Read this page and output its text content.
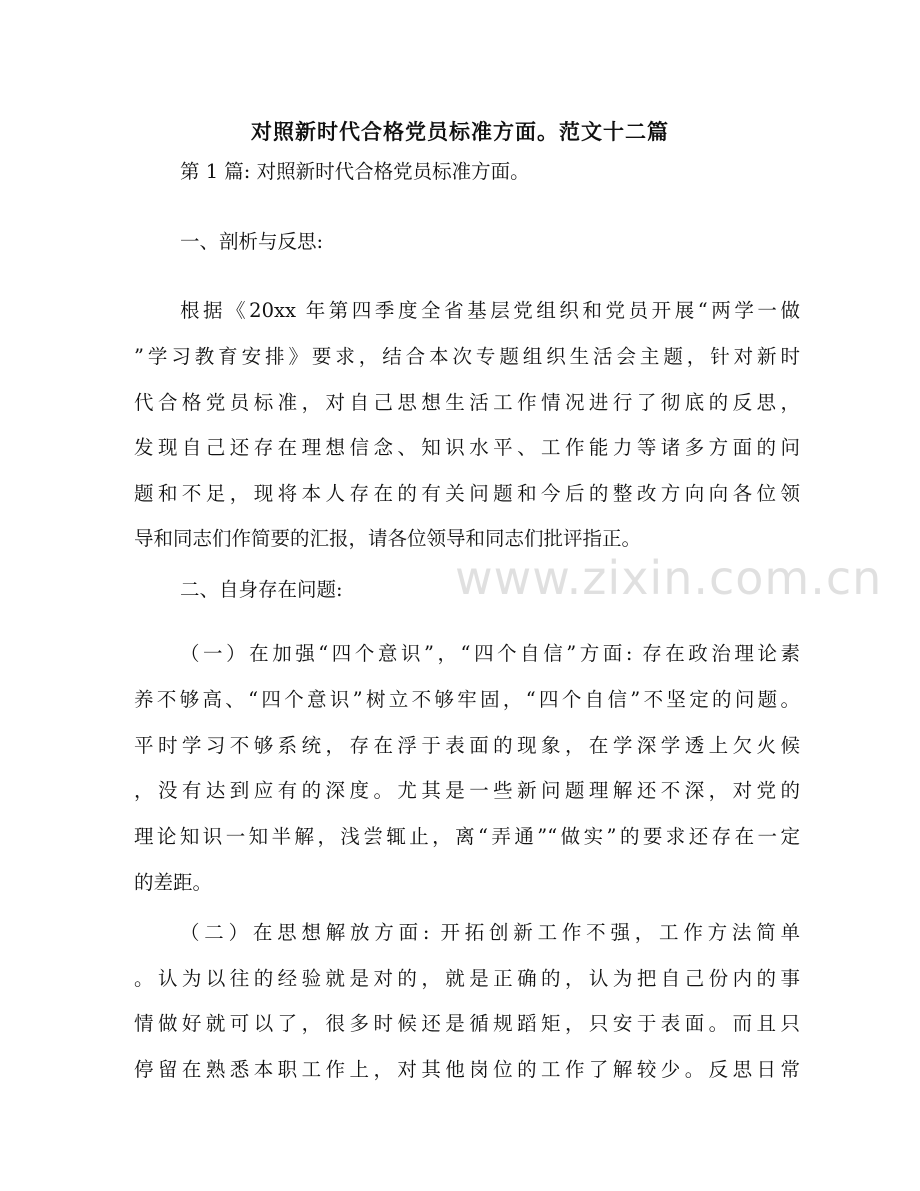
对照新时代合格党员标准方面。范文十二篇
第 1 篇: 对照新时代合格党员标准方面。
一、剖析与反思:
根据《20xx 年第四季度全省基层党组织和党员开展“两学一做
”学习教育安排》要求，结合本次专题组织生活会主题，针对新时
代合格党员标准，对自己思想生活工作情况进行了彻底的反思，
发现自己还存在理想信念、知识水平、工作能力等诸多方面的问
题和不足，现将本人存在的有关问题和今后的整改方向向各位领
导和同志们作简要的汇报，请各位领导和同志们批评指正。
二、自身存在问题:
（一）在加强“四个意识”，“四个自信”方面: 存在政治理论素
养不够高、“四个意识”树立不够牢固，“四个自信”不坚定的问题。
平时学习不够系统，存在浮于表面的现象，在学深学透上欠火候
，没有达到应有的深度。尤其是一些新问题理解还不深，对党的
理论知识一知半解，浅尝辄止，离“弄通”“做实”的要求还存在一定
的差距。
（二）在思想解放方面: 开拓创新工作不强，工作方法简单
。认为以往的经验就是对的，就是正确的，认为把自己份内的事
情做好就可以了，很多时候还是循规蹈矩，只安于表面。而且只
停留在熟悉本职工作上，对其他岗位的工作了解较少。反思日常
www.zixin.com.cn
